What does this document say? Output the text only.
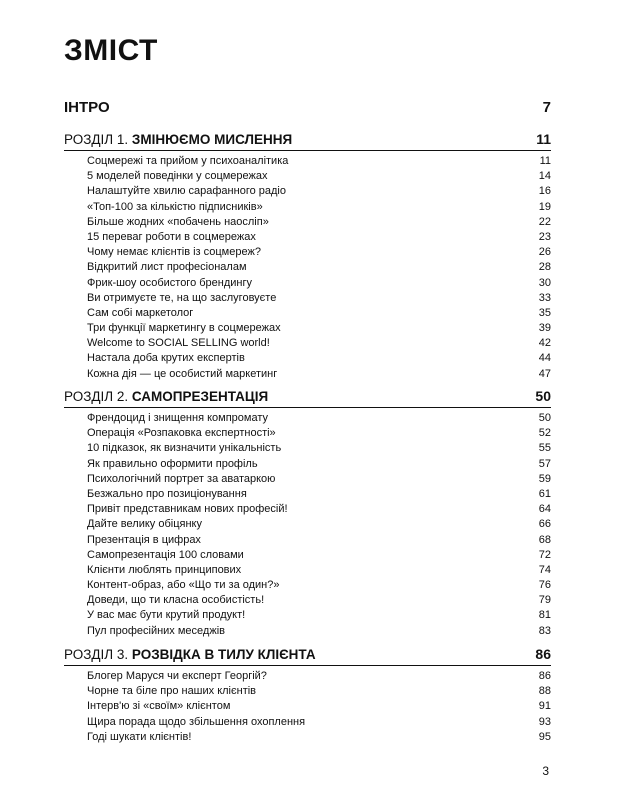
ЗМІСТ
ІНТРО	7
РОЗДІЛ 1. ЗМІНЮЄМО МИСЛЕННЯ	11
Соцмережі та прийом у психоаналітика	11
5 моделей поведінки у соцмережах	14
Налаштуйте хвилю сарафанного радіо	16
«Топ-100 за кількістю підписників»	19
Більше жодних «побачень наосліп»	22
15 переваг роботи в соцмережах	23
Чому немає клієнтів із соцмереж?	26
Відкритий лист професіоналам	28
Фрик-шоу особистого брендингу	30
Ви отримуєте те, на що заслуговуєте	33
Сам собі маркетолог	35
Три функції маркетингу в соцмережах	39
Welcome to SOCIAL SELLING world!	42
Настала доба крутих експертів	44
Кожна дія — це особистий маркетинг	47
РОЗДІЛ 2. САМОПРЕЗЕНТАЦІЯ	50
Френдоцид і знищення компромату	50
Операція «Розпаковка експертності»	52
10 підказок, як визначити унікальність	55
Як правильно оформити профіль	57
Психологічний портрет за аватаркою	59
Безжально про позиціонування	61
Привіт представникам нових професій!	64
Дайте велику обіцянку	66
Презентація в цифрах	68
Самопрезентація 100 словами	72
Клієнти люблять принципових	74
Контент-образ, або «Що ти за один?»	76
Доведи, що ти класна особистість!	79
У вас має бути крутий продукт!	81
Пул професійних меседжів	83
РОЗДІЛ 3. РОЗВІДКА В ТИЛУ КЛІЄНТА	86
Блогер Маруся чи експерт Георгій?	86
Чорне та біле про наших клієнтів	88
Інтерв'ю зі «своїм» клієнтом	91
Щира порада щодо збільшення охоплення	93
Годі шукати клієнтів!	95
3
